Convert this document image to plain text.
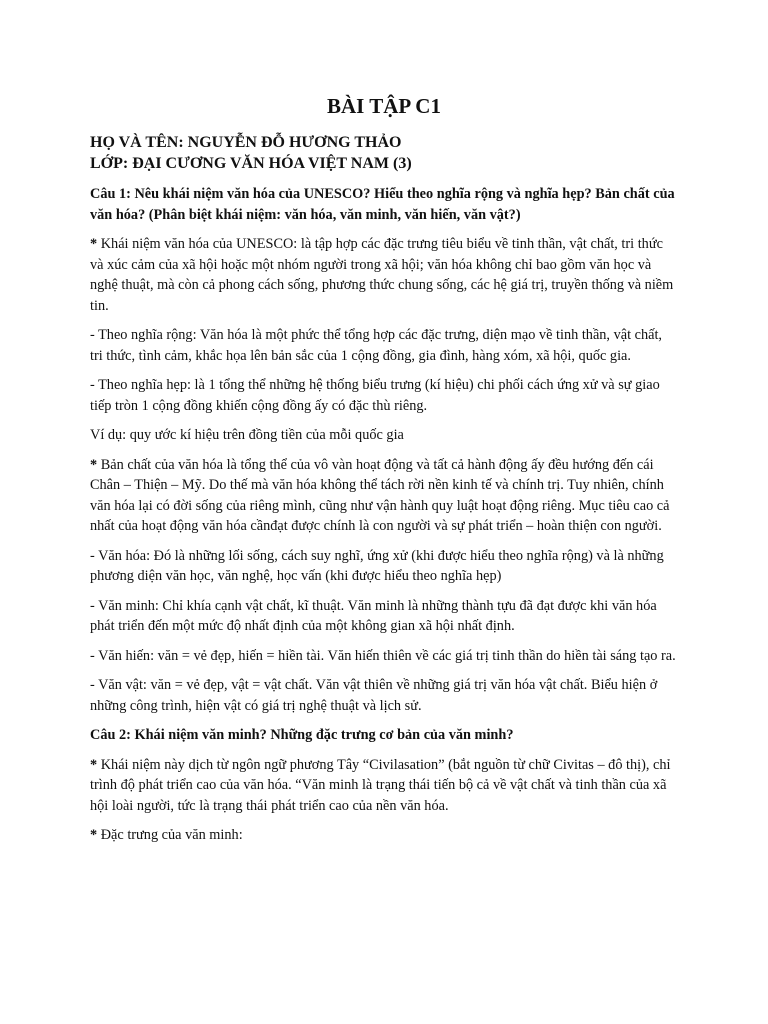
BÀI TẬP C1
HỌ VÀ TÊN: NGUYỄN ĐỖ HƯƠNG THẢO
LỚP: ĐẠI CƯƠNG VĂN HÓA VIỆT NAM (3)

Câu 1: Nêu khái niệm văn hóa của UNESCO? Hiểu theo nghĩa rộng và nghĩa hẹp? Bản chất của văn hóa? (Phân biệt khái niệm: văn hóa, văn minh, văn hiến, văn vật?)

* Khái niệm văn hóa của UNESCO: là tập hợp các đặc trưng tiêu biểu về tinh thần, vật chất, tri thức và xúc cảm của xã hội hoặc một nhóm người trong xã hội; văn hóa không chỉ bao gồm văn học và nghệ thuật, mà còn cả phong cách sống, phương thức chung sống, các hệ giá trị, truyền thống và niềm tin.

- Theo nghĩa rộng: Văn hóa là một phức thể tổng hợp các đặc trưng, diện mạo về tinh thần, vật chất, tri thức, tình cảm, khắc họa lên bản sắc của 1 cộng đồng, gia đình, hàng xóm, xã hội, quốc gia.

- Theo nghĩa hẹp: là 1 tổng thể những hệ thống biểu trưng (kí hiệu) chi phối cách ứng xử và sự giao tiếp tròn 1 cộng đồng khiến cộng đồng ấy có đặc thù riêng.

Ví dụ: quy ước kí hiệu trên đồng tiền của mỗi quốc gia

* Bản chất của văn hóa là tổng thể của vô vàn hoạt động và tất cả hành động ấy đều hướng đến cái Chân – Thiện – Mỹ. Do thế mà văn hóa không thể tách rời nền kinh tế và chính trị. Tuy nhiên, chính văn hóa lại có đời sống của riêng mình, cũng như vận hành quy luật hoạt động riêng. Mục tiêu cao cả nhất của hoạt động văn hóa cầnđạt được chính là con người và sự phát triển – hoàn thiện con người.

- Văn hóa: Đó là những lối sống, cách suy nghĩ, ứng xử (khi được hiểu theo nghĩa rộng) và là những phương diện văn học, văn nghệ, học vấn (khi được hiểu theo nghĩa hẹp)

- Văn minh: Chỉ khía cạnh vật chất, kĩ thuật. Văn minh là những thành tựu đã đạt được khi văn hóa phát triển đến một mức độ nhất định của một không gian xã hội nhất định.

- Văn hiến: văn = vẻ đẹp, hiến = hiền tài. Văn hiến thiên về các giá trị tinh thần do hiền tài sáng tạo ra.

- Văn vật: văn = vẻ đẹp, vật = vật chất. Văn vật thiên về những giá trị văn hóa vật chất. Biểu hiện ở những công trình, hiện vật có giá trị nghệ thuật và lịch sử.

Câu 2: Khái niệm văn minh? Những đặc trưng cơ bản của văn minh?

* Khái niệm này dịch từ ngôn ngữ phương Tây “Civilasation” (bắt nguồn từ chữ Civitas – đô thị), chỉ trình độ phát triển cao của văn hóa. “Văn minh là trạng thái tiến bộ cả về vật chất và tinh thần của xã hội loài người, tức là trạng thái phát triển cao của nền văn hóa.

* Đặc trưng của văn minh:
